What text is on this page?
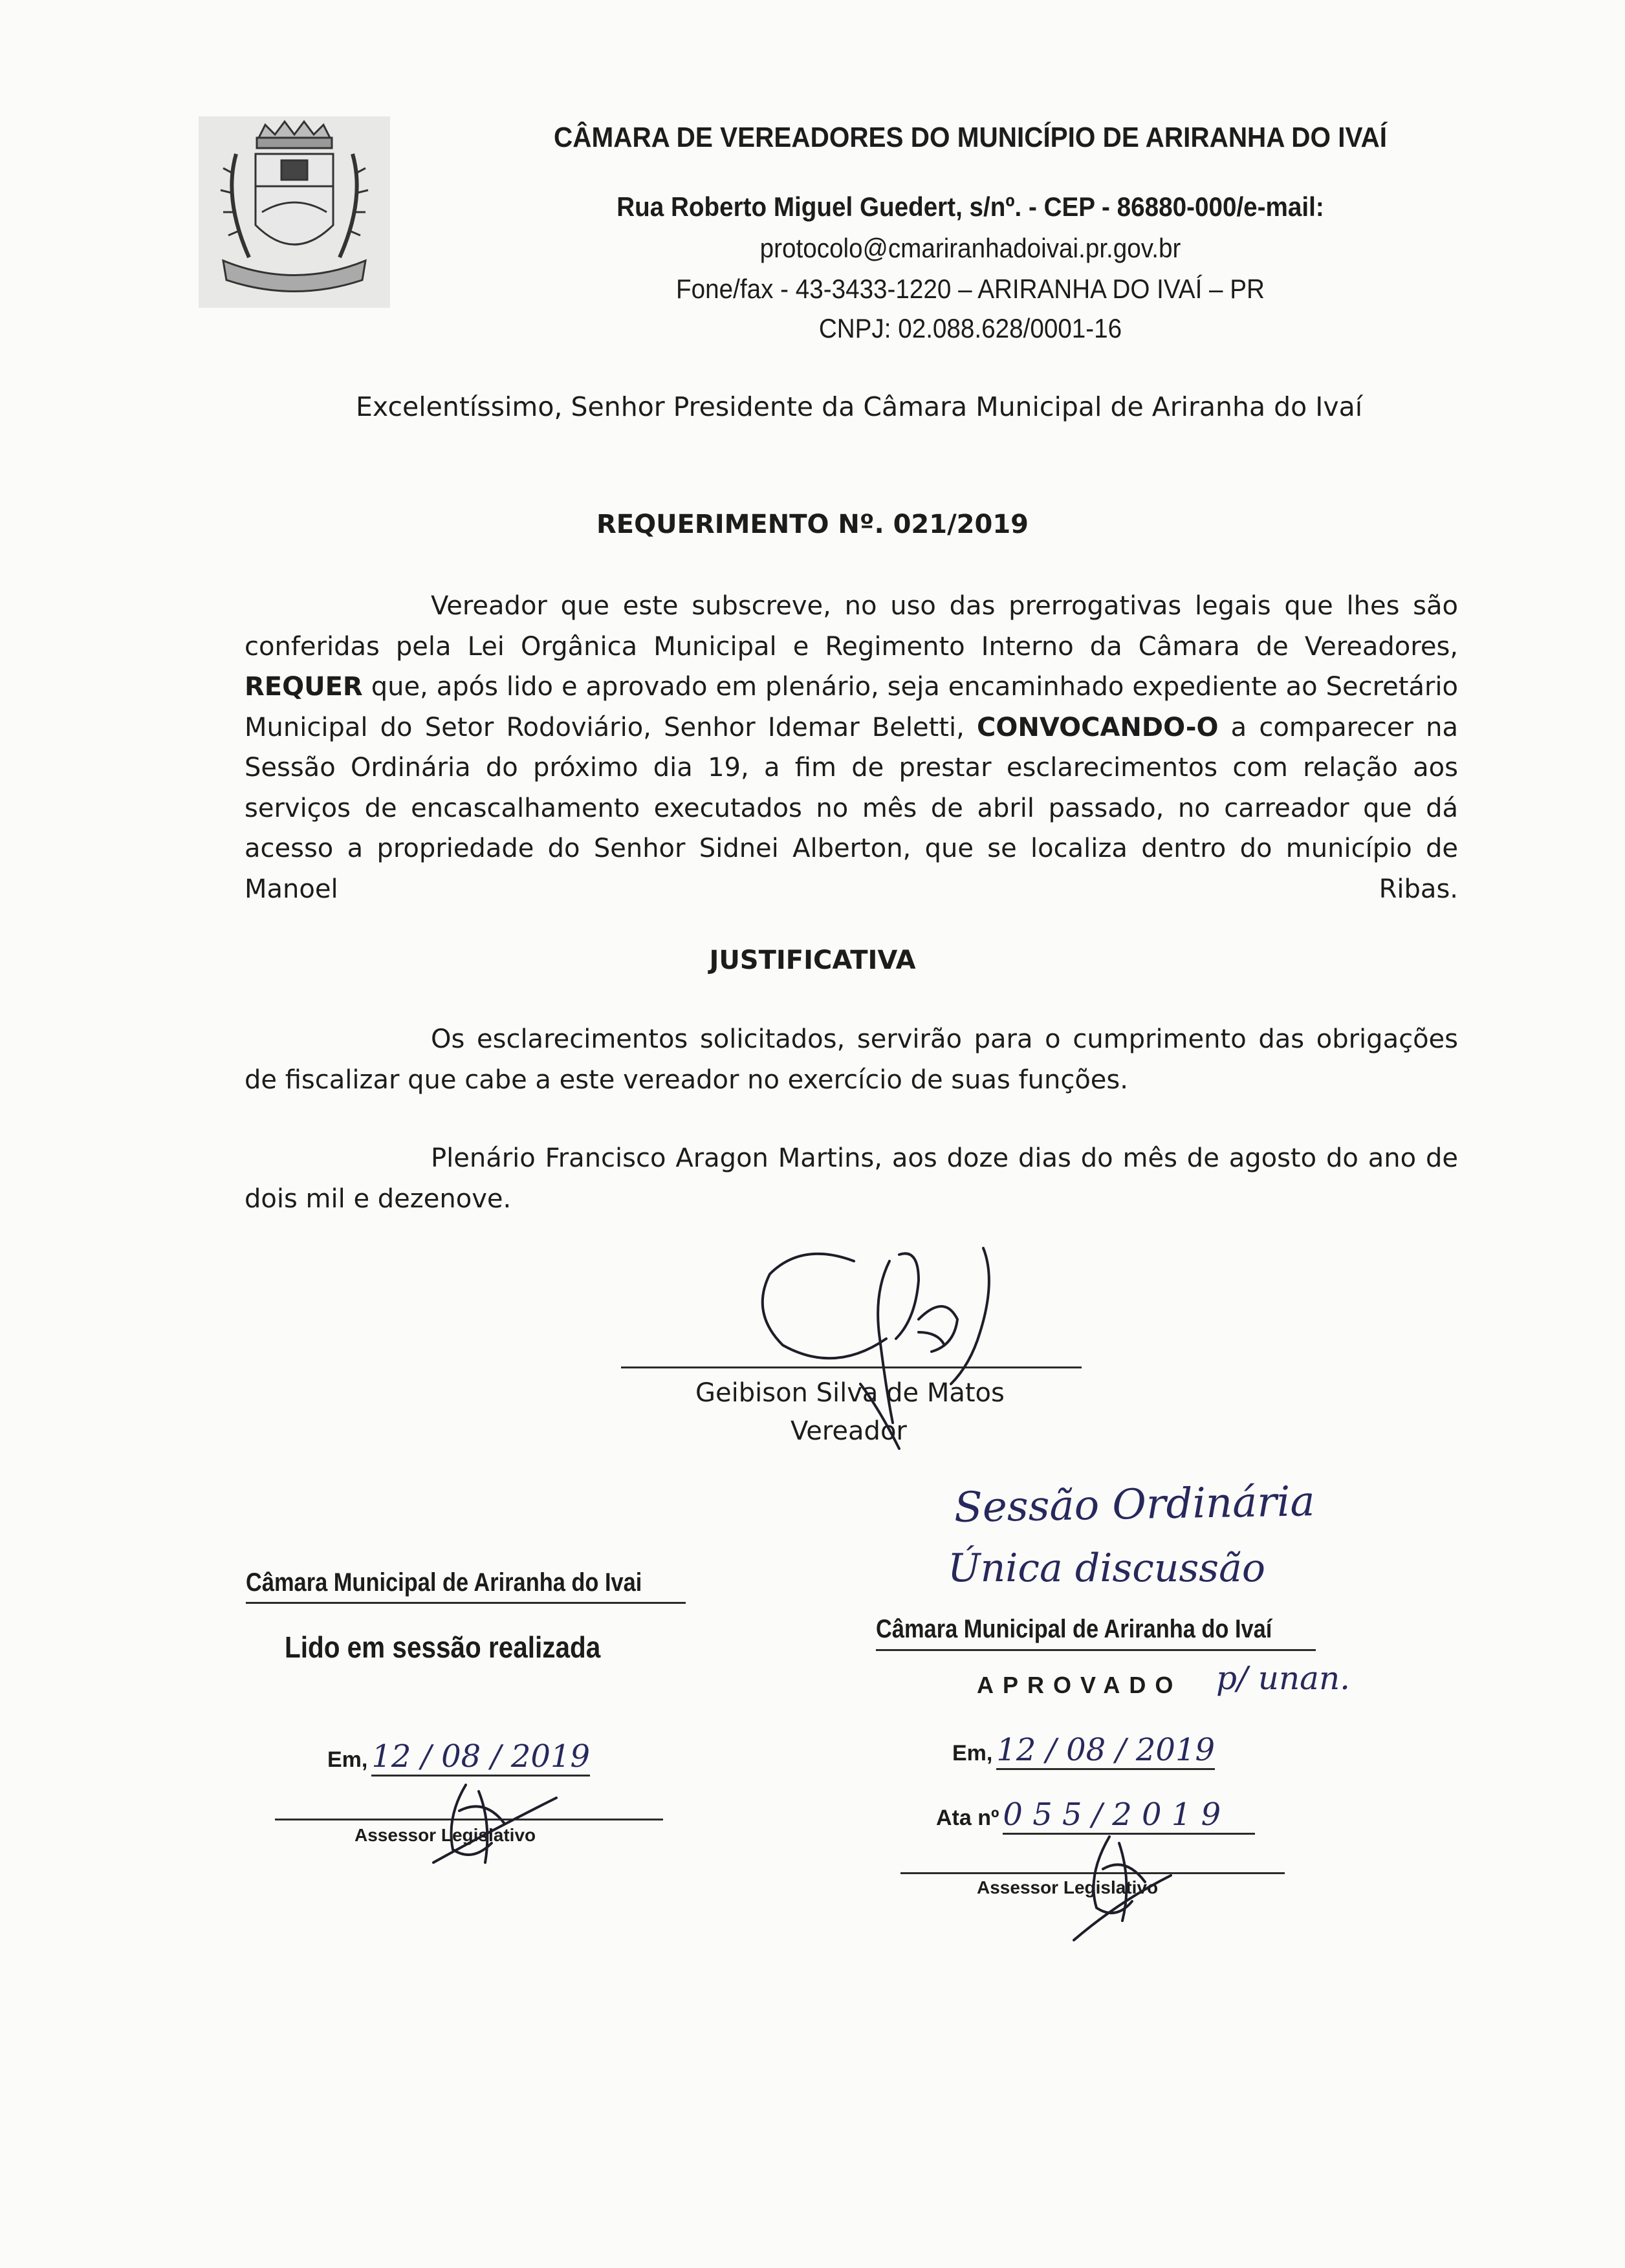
CÂMARA DE VEREADORES DO MUNICÍPIO DE ARIRANHA DO IVAÍ
Rua Roberto Miguel Guedert, s/nº. - CEP - 86880-000/e-mail:
protocolo@cmariranhadoivai.pr.gov.br
Fone/fax - 43-3433-1220 – ARIRANHA DO IVAÍ – PR
CNPJ: 02.088.628/0001-16
Excelentíssimo, Senhor Presidente da Câmara Municipal de Ariranha do Ivaí
REQUERIMENTO Nº. 021/2019
Vereador que este subscreve, no uso das prerrogativas legais que lhes são conferidas pela Lei Orgânica Municipal e Regimento Interno da Câmara de Vereadores, REQUER que, após lido e aprovado em plenário, seja encaminhado expediente ao Secretário Municipal do Setor Rodoviário, Senhor Idemar Beletti, CONVOCANDO-O a comparecer na Sessão Ordinária do próximo dia 19, a fim de prestar esclarecimentos com relação aos serviços de encascalhamento executados no mês de abril passado, no carreador que dá acesso a propriedade do Senhor Sidnei Alberton, que se localiza dentro do município de Manoel Ribas.
JUSTIFICATIVA
Os esclarecimentos solicitados, servirão para o cumprimento das obrigações de fiscalizar que cabe a este vereador no exercício de suas funções.
Plenário Francisco Aragon Martins, aos doze dias do mês de agosto do ano de dois mil e dezenove.
Geibison Silva de Matos
Vereador
Sessão Ordinária
Única discussão
Câmara Municipal de Ariranha do Ivai
Lido em sessão realizada
Em, 12 / 08 / 2019
Assessor Legislativo
Câmara Municipal de Ariranha do Ivaí
APROVADO p/ unan.
Em, 12 / 08 / 2019
Ata nº 0 5 5 / 2 0 1 9
Assessor Legislativo
